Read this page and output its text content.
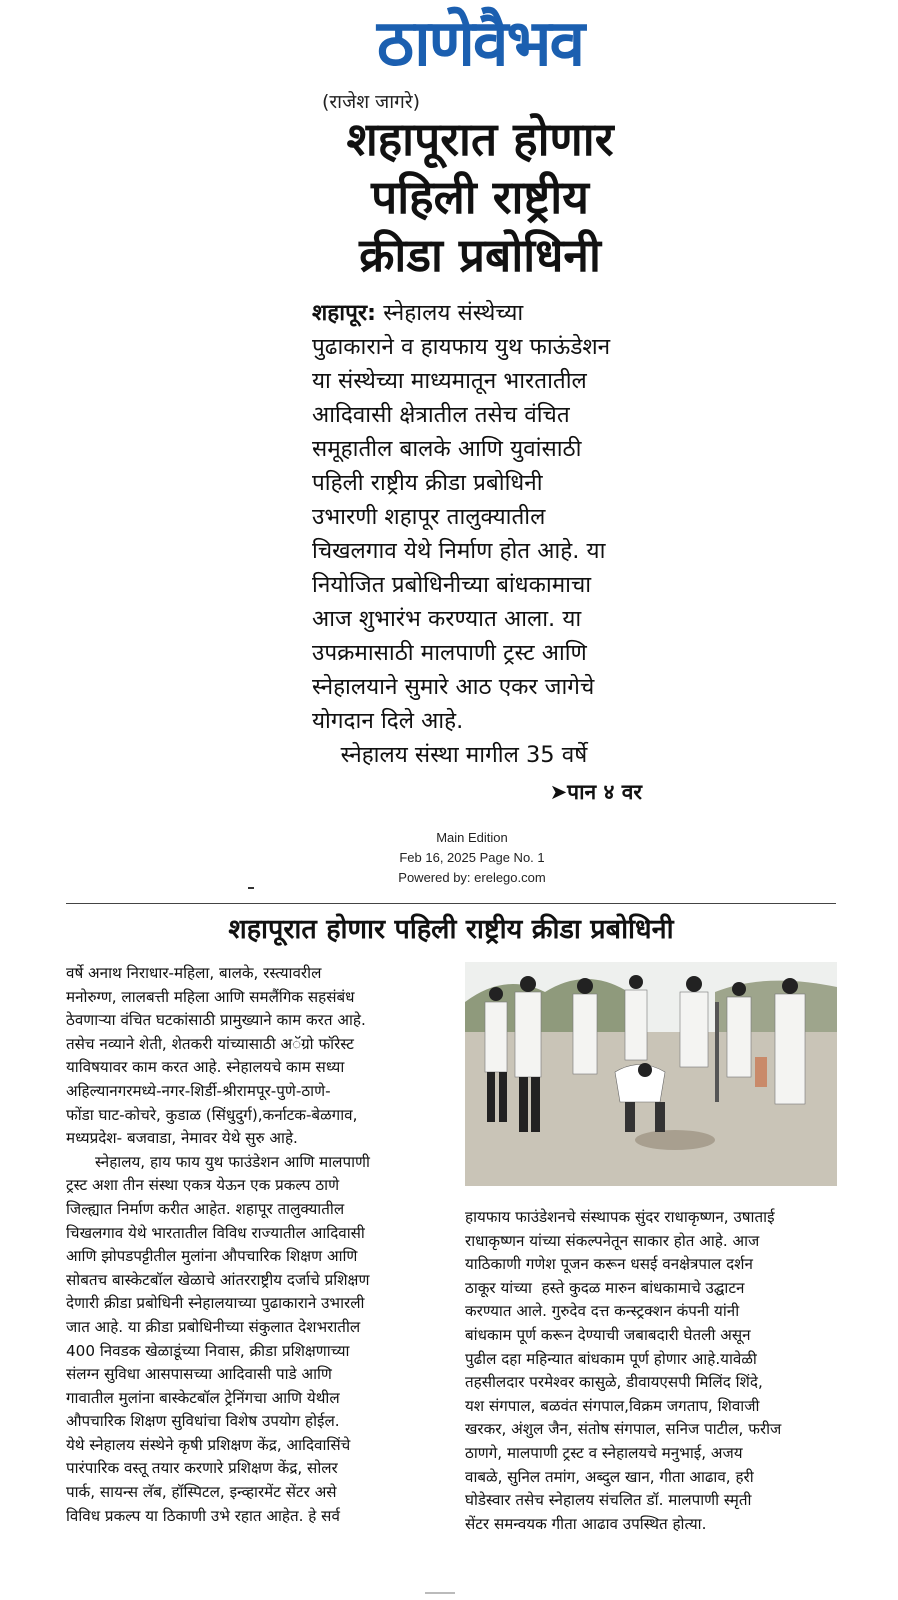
ठाणेवैभव
(राजेश जागरे)
शहापूरात होणार
पहिली राष्ट्रीय
क्रीडा प्रबोधिनी
शहापूर: स्नेहालय संस्थेच्या
पुढाकाराने व हायफाय युथ फाऊंडेशन
या संस्थेच्या माध्यमातून भारतातील
आदिवासी क्षेत्रातील तसेच वंचित
समूहातील बालके आणि युवांसाठी
पहिली राष्ट्रीय क्रीडा प्रबोधिनी
उभारणी शहापूर तालुक्यातील
चिखलगाव येथे निर्माण होत आहे. या
नियोजित प्रबोधिनीच्या बांधकामाचा
आज शुभारंभ करण्यात आला. या
उपक्रमासाठी मालपाणी ट्रस्ट आणि
स्नेहालयाने सुमारे आठ एकर जागेचे
योगदान दिले आहे.
स्नेहालय संस्था मागील 35 वर्षे
➤पान ४ वर
Main Edition
Feb 16, 2025 Page No. 1
Powered by: erelego.com
शहापूरात होणार पहिली राष्ट्रीय क्रीडा प्रबोधिनी
वर्षे अनाथ निराधार-महिला, बालके, रस्त्यावरील
मनोरुग्ण, लालबत्ती महिला आणि समलैंगिक सहसंबंध
ठेवणाऱ्या वंचित घटकांसाठी प्रामुख्याने काम करत आहे.
तसेच नव्याने शेती, शेतकरी यांच्यासाठी अॅग्रो फॉरेस्ट
याविषयावर काम करत आहे. स्नेहालयचे काम सध्या
अहिल्यानगरमध्ये-नगर-शिर्डी-श्रीरामपूर-पुणे-ठाणे-
फोंडा घाट-कोचरे, कुडाळ (सिंधुदुर्ग),कर्नाटक-बेळगाव,
मध्यप्रदेश- बजवाडा, नेमावर येथे सुरु आहे.
स्नेहालय, हाय फाय युथ फाउंडेशन आणि मालपाणी
ट्रस्ट अशा तीन संस्था एकत्र येऊन एक प्रकल्प ठाणे
जिल्ह्यात निर्माण करीत आहेत. शहापूर तालुक्यातील
चिखलगाव येथे भारतातील विविध राज्यातील आदिवासी
आणि झोपडपट्टीतील मुलांना औपचारिक शिक्षण आणि
सोबतच बास्केटबॉल खेळाचे आंतरराष्ट्रीय दर्जाचे प्रशिक्षण
देणारी क्रीडा प्रबोधिनी स्नेहालयाच्या पुढाकाराने उभारली
जात आहे. या क्रीडा प्रबोधिनीच्या संकुलात देशभरातील
400 निवडक खेळाडूंच्या निवास, क्रीडा प्रशिक्षणाच्या
संलग्न सुविधा आसपासच्या आदिवासी पाडे आणि
गावातील मुलांना बास्केटबॉल ट्रेनिंगचा आणि येथील
औपचारिक शिक्षण सुविधांचा विशेष उपयोग होईल.
येथे स्नेहालय संस्थेने कृषी प्रशिक्षण केंद्र, आदिवासिंचे
पारंपारिक वस्तू तयार करणारे प्रशिक्षण केंद्र, सोलर
पार्क, सायन्स लॅब, हॉस्पिटल, इन्व्हारमेंट सेंटर असे
विविध प्रकल्प या ठिकाणी उभे रहात आहेत. हे सर्व
हायफाय फाउंडेशनचे संस्थापक सुंदर राधाकृष्णन, उषाताई
राधाकृष्णन यांच्या संकल्पनेतून साकार होत आहे. आज
याठिकाणी गणेश पूजन करून धसई वनक्षेत्रपाल दर्शन
ठाकूर यांच्या  हस्ते कुदळ मारुन बांधकामाचे उद्घाटन
करण्यात आले. गुरुदेव दत्त कन्स्ट्रक्शन कंपनी यांनी
बांधकाम पूर्ण करून देण्याची जबाबदारी घेतली असून
पुढील दहा महिन्यात बांधकाम पूर्ण होणार आहे.यावेळी
तहसीलदार परमेश्वर कासुळे, डीवायएसपी मिलिंद शिंदे,
यश संगपाल, बळवंत संगपाल,विक्रम जगताप, शिवाजी
खरकर, अंशुल जैन, संतोष संगपाल, सनिज पाटील, फरीज
ठाणगे, मालपाणी ट्रस्ट व स्नेहालयचे मनुभाई, अजय
वाबळे, सुनिल तमांग, अब्दुल खान, गीता आढाव, हरी
घोडेस्वार तसेच स्नेहालय संचलित डॉ. मालपाणी स्मृती
सेंटर समन्वयक गीता आढाव उपस्थित होत्या.
